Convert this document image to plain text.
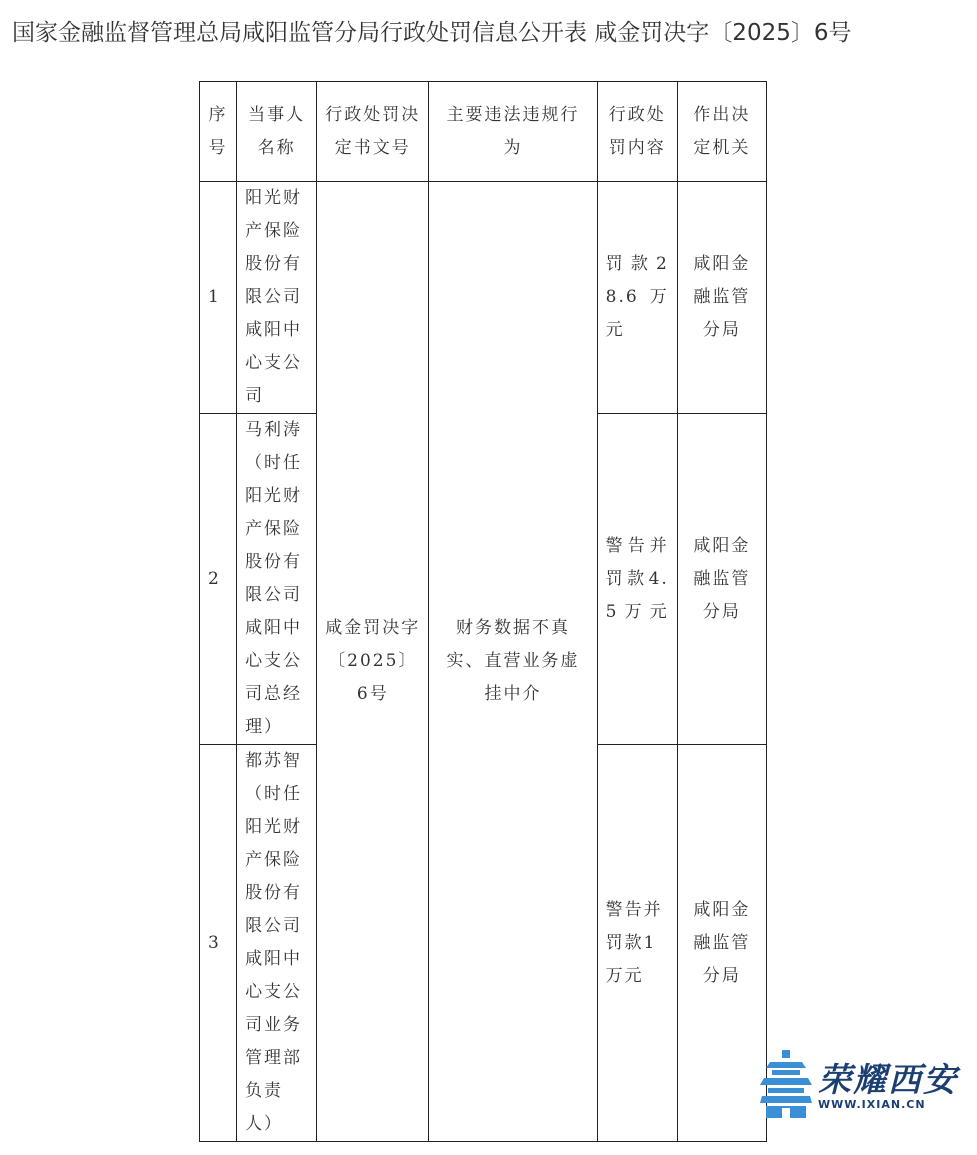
国家金融监督管理总局咸阳监管分局行政处罚信息公开表 咸金罚决字〔2025〕6号
序号	当事人名称	行政处罚决定书文号	主要违法违规行为	行政处罚内容	作出决定机关
1	阳光财产保险股份有限公司咸阳中心支公司	咸金罚决字〔2025〕6号	财务数据不真实、直营业务虚挂中介	罚款28.6万元	咸阳金融监管分局
2	马利涛（时任阳光财产保险股份有限公司咸阳中心支公司总经理）			警告并罚款4.5万元	咸阳金融监管分局
3	都苏智（时任阳光财产保险股份有限公司咸阳中心支公司业务管理部负责人）			警告并罚款1万元	咸阳金融监管分局
荣耀西安
WWW.IXIAN.CN
